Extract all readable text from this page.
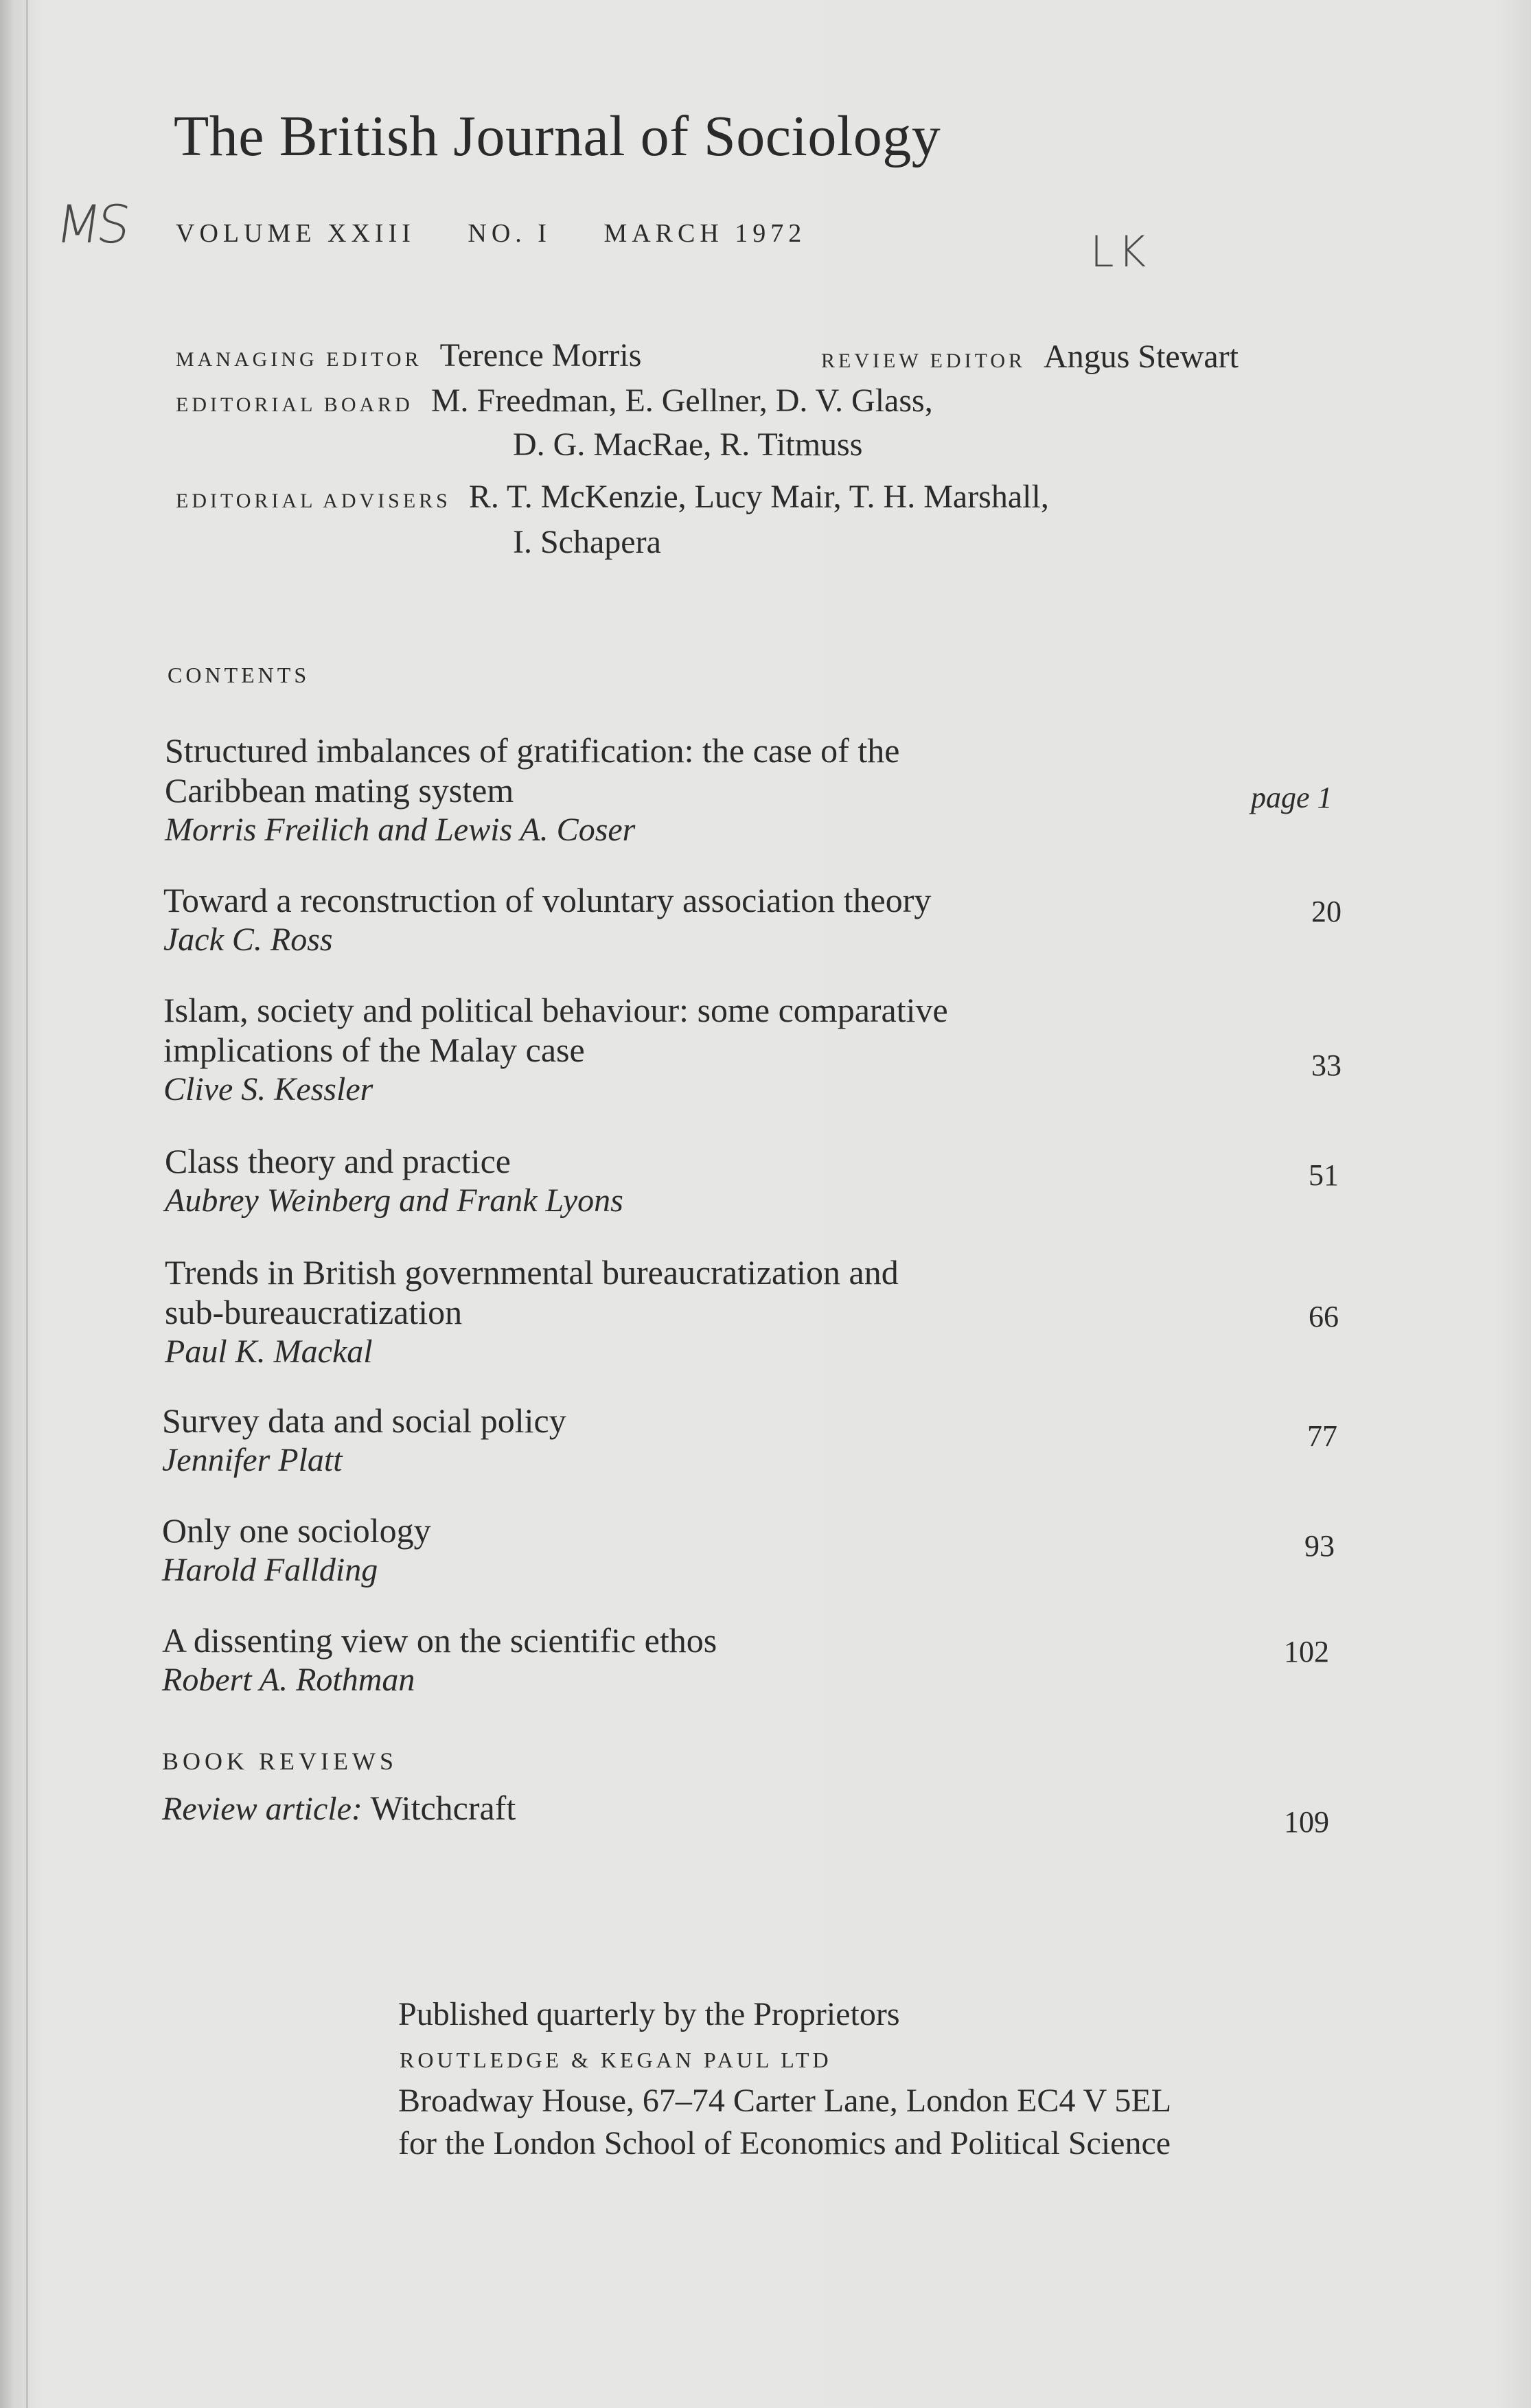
The British Journal of Sociology
MS	LK
VOLUME XXIII NO. I MARCH 1972
MANAGING EDITOR Terence Morris	REVIEW EDITOR Angus Stewart
EDITORIAL BOARD M. Freedman, E. Gellner, D. V. Glass,
D. G. MacRae, R. Titmuss
EDITORIAL ADVISERS R. T. McKenzie, Lucy Mair, T. H. Marshall,
I. Schapera
CONTENTS
Structured imbalances of gratification: the case of the
Caribbean mating system
Morris Freilich and Lewis A. Coser
page 1
Toward a reconstruction of voluntary association theory
Jack C. Ross
20
Islam, society and political behaviour: some comparative
implications of the Malay case
Clive S. Kessler
33
Class theory and practice
Aubrey Weinberg and Frank Lyons
51
Trends in British governmental bureaucratization and
sub-bureaucratization
Paul K. Mackal
66
Survey data and social policy
Jennifer Platt
77
Only one sociology
Harold Fallding
93
A dissenting view on the scientific ethos
Robert A. Rothman
102
BOOK REVIEWS
Review article: Witchcraft	109
Published quarterly by the Proprietors
ROUTLEDGE & KEGAN PAUL LTD
Broadway House, 67–74 Carter Lane, London EC4 V 5EL
for the London School of Economics and Political Science
